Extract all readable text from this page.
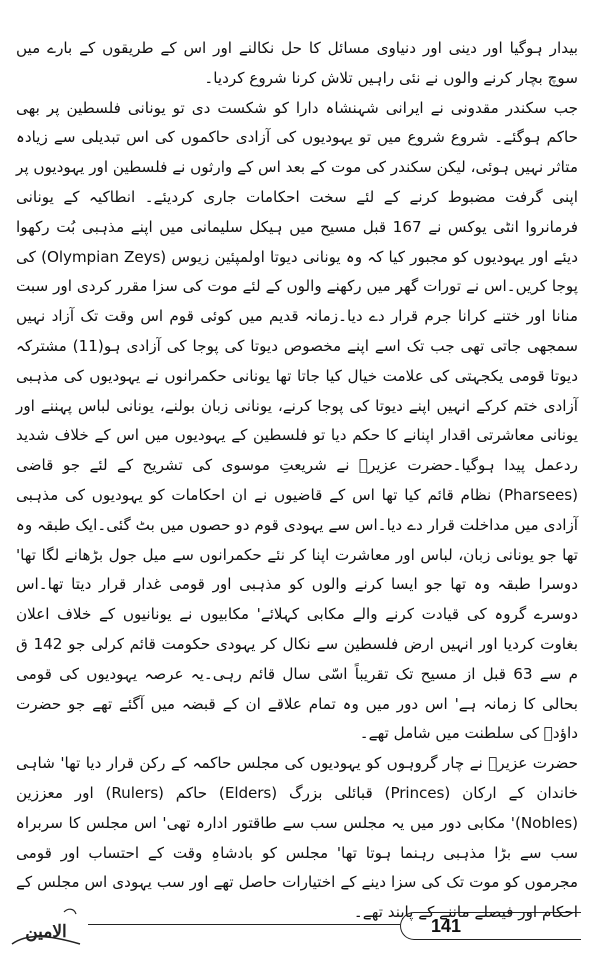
بیدار ہوگیا اور دینی اور دنیاوی مسائل کا حل نکالنے اور اس کے طریقوں کے بارے میں سوچ بچار کرنے والوں نے نئی راہیں تلاش کرنا شروع کردیا۔

جب سکندر مقدونی نے ایرانی شہنشاہ دارا کو شکست دی تو یونانی فلسطین پر بھی حاکم ہوگئے۔ شروع شروع میں تو یہودیوں کی آزادی حاکموں کی اس تبدیلی سے زیادہ متاثر نہیں ہوئی، لیکن سکندر کی موت کے بعد اس کے وارثوں نے فلسطین اور یہودیوں پر اپنی گرفت مضبوط کرنے کے لئے سخت احکامات جاری کردیئے۔ انطاکیہ کے یونانی فرمانروا انٹی یوکس نے 167 قبل مسیح میں ہیکل سلیمانی میں اپنے مذہبی بُت رکھوا دیئے اور یہودیوں کو مجبور کیا کہ وہ یونانی دیوتا اولمپئین زیوس (Olympian Zeys) کی پوجا کریں۔اس نے تورات گھر میں رکھنے والوں کے لئے موت کی سزا مقرر کردی اور سبت منانا اور ختنے کرانا جرم قرار دے دیا۔زمانہ قدیم میں کوئی قوم اس وقت تک آزاد نہیں سمجھی جاتی تھی جب تک اسے اپنے مخصوص دیوتا کی پوجا کی آزادی ہو(11) مشترکہ دیوتا قومی یکجہتی کی علامت خیال کیا جاتا تھا یونانی حکمرانوں نے یہودیوں کی مذہبی آزادی ختم کرکے انہیں اپنے دیوتا کی پوجا کرنے، یونانی زبان بولنے، یونانی لباس پہننے اور یونانی معاشرتی اقدار اپنانے کا حکم دیا تو فلسطین کے یہودیوں میں اس کے خلاف شدید ردعمل پیدا ہوگیا۔حضرت عزیرؑ نے شریعتِ موسوی کی تشریح کے لئے جو قاضی (Pharsees) نظام قائم کیا تھا اس کے قاضیوں نے ان احکامات کو یہودیوں کی مذہبی آزادی میں مداخلت قرار دے دیا۔اس سے یہودی قوم دو حصوں میں بٹ گئی۔ایک طبقہ وہ تھا جو یونانی زبان، لباس اور معاشرت اپنا کر نئے حکمرانوں سے میل جول بڑھانے لگا تھا' دوسرا طبقہ وہ تھا جو ایسا کرنے والوں کو مذہبی اور قومی غدار قرار دیتا تھا۔اس دوسرے گروہ کی قیادت کرنے والے مکابی کہلائے' مکابیوں نے یونانیوں کے خلاف اعلان بغاوت کردیا اور انہیں ارض فلسطین سے نکال کر یہودی حکومت قائم کرلی جو 142 ق م سے 63 قبل از مسیح تک تقریباً اسّی سال قائم رہی۔یہ عرصہ یہودیوں کی قومی بحالی کا زمانہ ہے' اس دور میں وہ تمام علاقے ان کے قبضہ میں آگئے تھے جو حضرت داؤدؑ کی سلطنت میں شامل تھے۔

حضرت عزیرؑ نے چار گروہوں کو یہودیوں کی مجلس حاکمہ کے رکن قرار دیا تھا' شاہی خاندان کے ارکان (Princes) قبائلی بزرگ (Elders) حاکم (Rulers) اور معززین (Nobles)' مکابی دور میں یہ مجلس سب سے طاقتور ادارہ تھی' اس مجلس کا سربراہ سب سے بڑا مذہبی رہنما ہوتا تھا' مجلس کو بادشاہِ وقت کے احتساب اور قومی مجرموں کو موت تک کی سزا دینے کے اختیارات حاصل تھے اور سب یہودی اس مجلس کے احکام اور فیصلے ماننے کے پابند تھے۔

الامین	141
